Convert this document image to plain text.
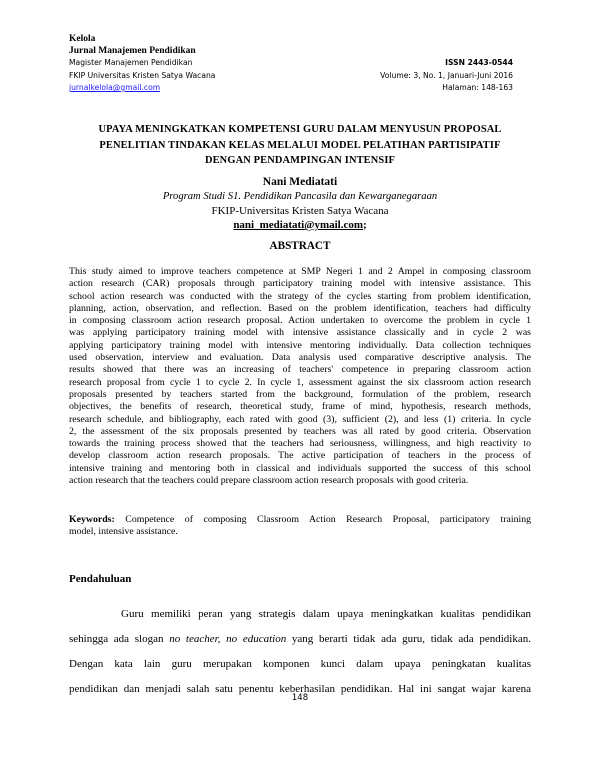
Kelola
Jurnal Manajemen Pendidikan
Magister Manajemen Pendidikan	ISSN 2443-0544
FKIP Universitas Kristen Satya Wacana	Volume: 3, No. 1, Januari-Juni 2016
jurnalkelola@gmail.com	Halaman: 148-163
UPAYA MENINGKATKAN KOMPETENSI GURU DALAM MENYUSUN PROPOSAL
PENELITIAN TINDAKAN KELAS MELALUI MODEL PELATIHAN PARTISIPATIF
DENGAN PENDAMPINGAN INTENSIF
Nani Mediatati
Program Studi S1. Pendidikan Pancasila dan Kewarganegaraan
FKIP-Universitas Kristen Satya Wacana
nani_mediatati@ymail.com;
ABSTRACT
This study aimed to improve teachers competence at SMP Negeri 1 and 2 Ampel in composing classroom
action research (CAR) proposals through participatory training model with intensive assistance. This
school action research was conducted with the strategy of the cycles starting from problem identification,
planning, action, observation, and reflection. Based on the problem identification, teachers had difficulty
in composing classroom action research proposal. Action undertaken to overcome the problem in cycle 1
was applying participatory training model with intensive assistance classically and in cycle 2 was
applying participatory training model with intensive mentoring individually. Data collection techniques
used observation, interview and evaluation. Data analysis used comparative descriptive analysis. The
results showed that there was an increasing of teachers' competence in preparing classroom action
research proposal from cycle 1 to cycle 2. In cycle 1, assessment against the six classroom action research
proposals presented by teachers started from the background, formulation of the problem, research
objectives, the benefits of research, theoretical study, frame of mind, hypothesis, research methods,
research schedule, and bibliography, each rated with good (3), sufficient (2), and less (1) criteria. In cycle
2, the assessment of the six proposals presented by teachers was all rated by good criteria. Observation
towards the training process showed that the teachers had seriousness, willingness, and high reactivity to
develop classroom action research proposals. The active participation of teachers in the process of
intensive training and mentoring both in classical and individuals supported the success of this school
action research that the teachers could prepare classroom action research proposals with good criteria.
Keywords: Competence of composing Classroom Action Research Proposal, participatory training
model, intensive assistance.
Pendahuluan
Guru memiliki peran yang strategis dalam upaya meningkatkan kualitas pendidikan
sehingga ada slogan no teacher, no education yang berarti tidak ada guru, tidak ada pendidikan.
Dengan kata lain guru merupakan komponen kunci dalam upaya peningkatan kualitas
pendidikan dan menjadi salah satu penentu keberhasilan pendidikan. Hal ini sangat wajar karena
148
